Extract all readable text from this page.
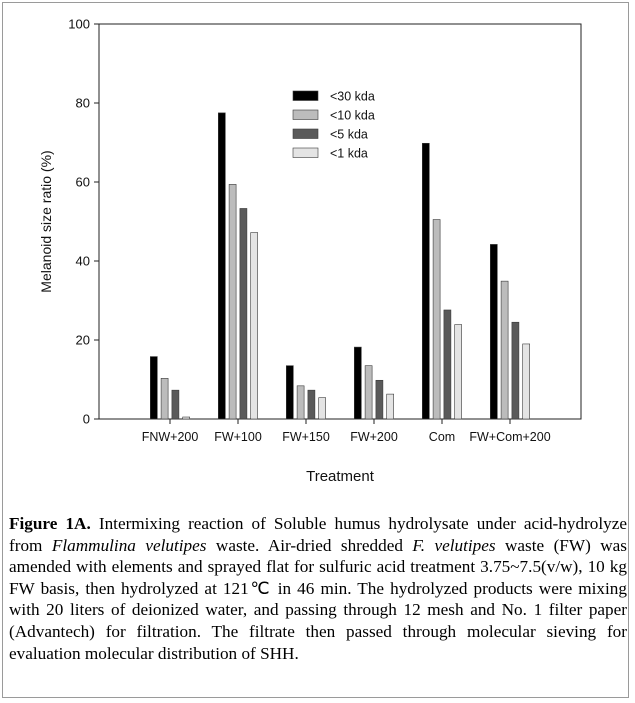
0
20
40
60
80
100
Melanoid size ratio (%)
Treatment
FNW+200 FW+100 FW+150 FW+200 Com FW+Com+200
<30 kda
<10 kda
<5 kda
<1 kda
Figure 1A. Intermixing reaction of Soluble humus hydrolysate under acid-hydrolyze from Flammulina velutipes waste. Air-dried shredded F. velutipes waste (FW) was amended with elements and sprayed flat for sulfuric acid treatment 3.75~7.5(v/w), 10 kg FW basis, then hydrolyzed at 121℃ in 46 min. The hydrolyzed products were mixing with 20 liters of deionized water, and passing through 12 mesh and No. 1 filter paper (Advantech) for filtration. The filtrate then passed through molecular sieving for evaluation molecular distribution of SHH.
